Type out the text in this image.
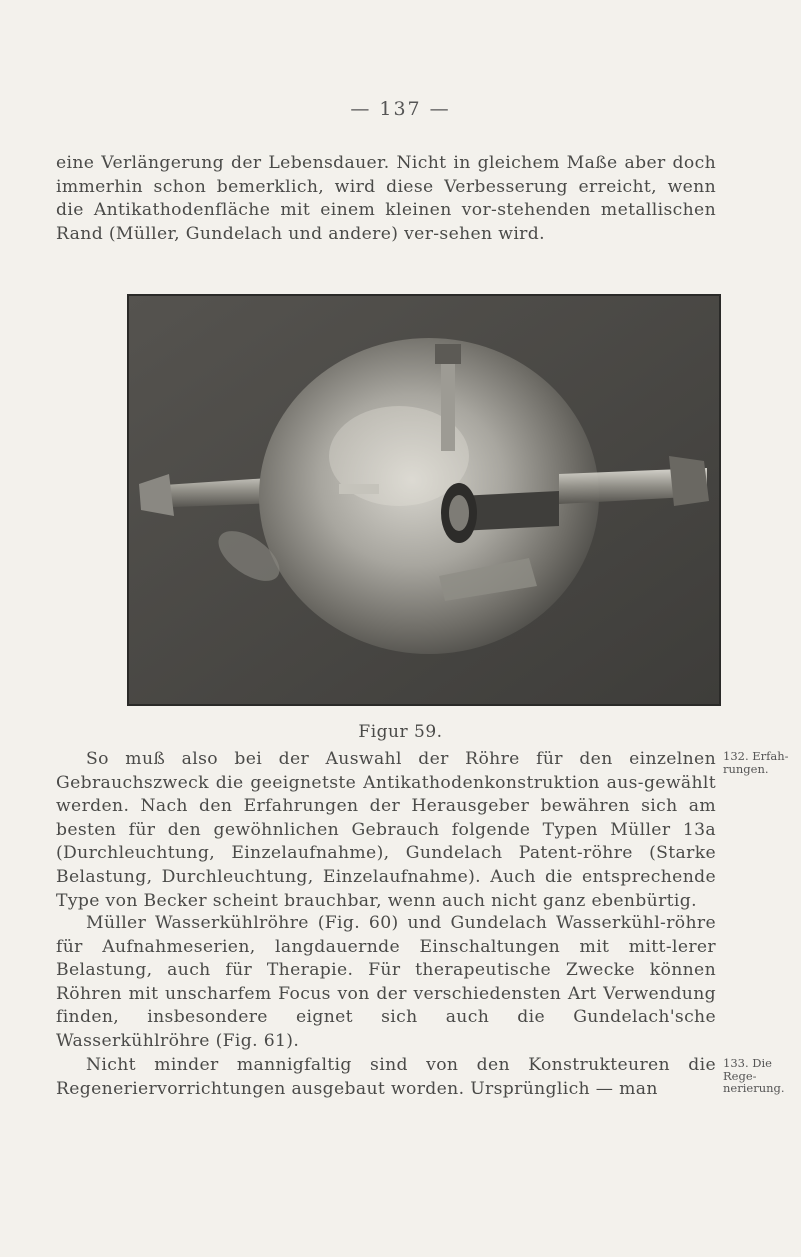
— 137 —

eine Verlängerung der Lebensdauer. Nicht in gleichem Maße aber doch immerhin schon bemerklich, wird diese Verbesserung erreicht, wenn die Antikathodenfläche mit einem kleinen vor-stehenden metallischen Rand (Müller, Gundelach und andere) ver-sehen wird.

Figur 59.

So muß also bei der Auswahl der Röhre für den einzelnen Gebrauchszweck die geeignetste Antikathodenkonstruktion aus-gewählt werden. Nach den Erfahrungen der Herausgeber bewähren sich am besten für den gewöhnlichen Gebrauch folgende Typen Müller 13a (Durchleuchtung, Einzelaufnahme), Gundelach Patent-röhre (Starke Belastung, Durchleuchtung, Einzelaufnahme). Auch die entsprechende Type von Becker scheint brauchbar, wenn auch nicht ganz ebenbürtig.

Müller Wasserkühlröhre (Fig. 60) und Gundelach Wasserkühl-röhre für Aufnahmeserien, langdauernde Einschaltungen mit mitt-lerer Belastung, auch für Therapie. Für therapeutische Zwecke können Röhren mit unscharfem Focus von der verschiedensten Art Verwendung finden, insbesondere eignet sich auch die Gundelach'sche Wasserkühlröhre (Fig. 61).

Nicht minder mannigfaltig sind von den Konstrukteuren die Regeneriervorrichtungen ausgebaut worden. Ursprünglich — man

132. Erfah-rungen.
133. Die Rege-nerierung.
